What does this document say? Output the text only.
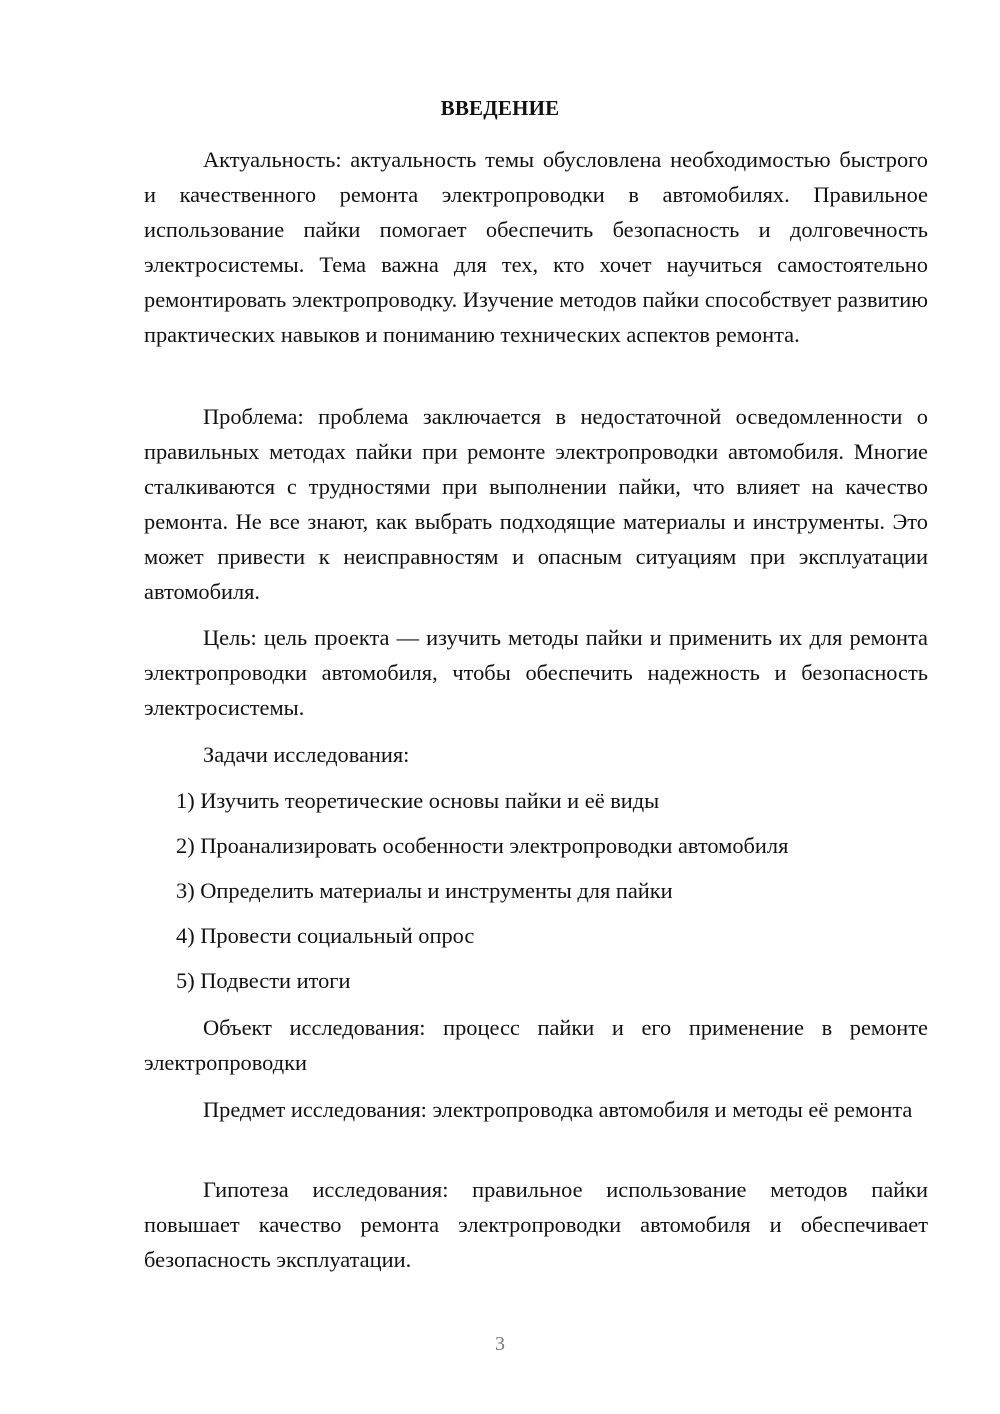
ВВЕДЕНИЕ

Актуальность: актуальность темы обусловлена необходимостью быстрого и качественного ремонта электропроводки в автомобилях. Правильное использование пайки помогает обеспечить безопасность и долговечность электросистемы. Тема важна для тех, кто хочет научиться самостоятельно ремонтировать электропроводку. Изучение методов пайки способствует развитию практических навыков и пониманию технических аспектов ремонта.

Проблема: проблема заключается в недостаточной осведомленности о правильных методах пайки при ремонте электропроводки автомобиля. Многие сталкиваются с трудностями при выполнении пайки, что влияет на качество ремонта. Не все знают, как выбрать подходящие материалы и инструменты. Это может привести к неисправностям и опасным ситуациям при эксплуатации автомобиля.

Цель: цель проекта — изучить методы пайки и применить их для ремонта электропроводки автомобиля, чтобы обеспечить надежность и безопасность электросистемы.

Задачи исследования:

1) Изучить теоретические основы пайки и её виды
2) Проанализировать особенности электропроводки автомобиля
3) Определить материалы и инструменты для пайки
4) Провести социальный опрос
5) Подвести итоги

Объект исследования: процесс пайки и его применение в ремонте электропроводки

Предмет исследования: электропроводка автомобиля и методы её ремонта

Гипотеза исследования: правильное использование методов пайки повышает качество ремонта электропроводки автомобиля и обеспечивает безопасность эксплуатации.

3
